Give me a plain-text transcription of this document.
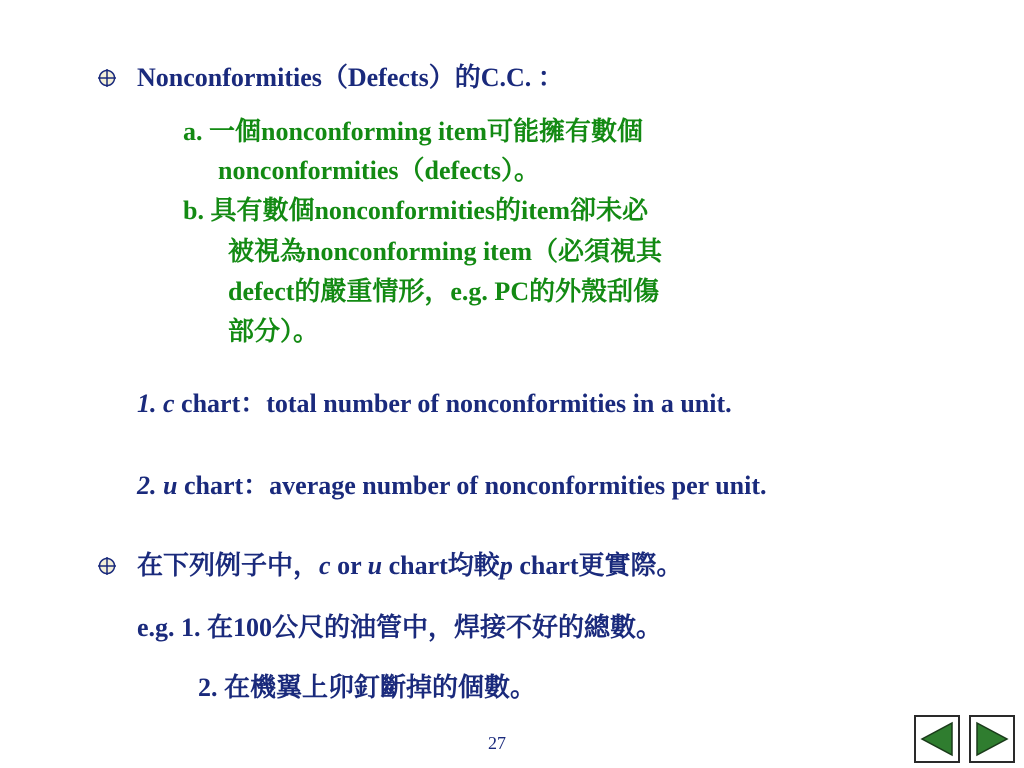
Nonconformities（Defects）的C.C. ：
a. 一個nonconforming item可能擁有數個
nonconformities（defects）。
b. 具有數個nonconformities的item卻未必
被視為nonconforming item（必須視其
defect的嚴重情形，e.g. PC的外殼刮傷
部分）。
1. c chart：total number of nonconformities in a unit.
2. u chart：average number of nonconformities per unit.
在下列例子中，c or u chart均較p chart更實際。
e.g. 1. 在100公尺的油管中，焊接不好的總數。
2. 在機翼上卯釘斷掉的個數。
27
